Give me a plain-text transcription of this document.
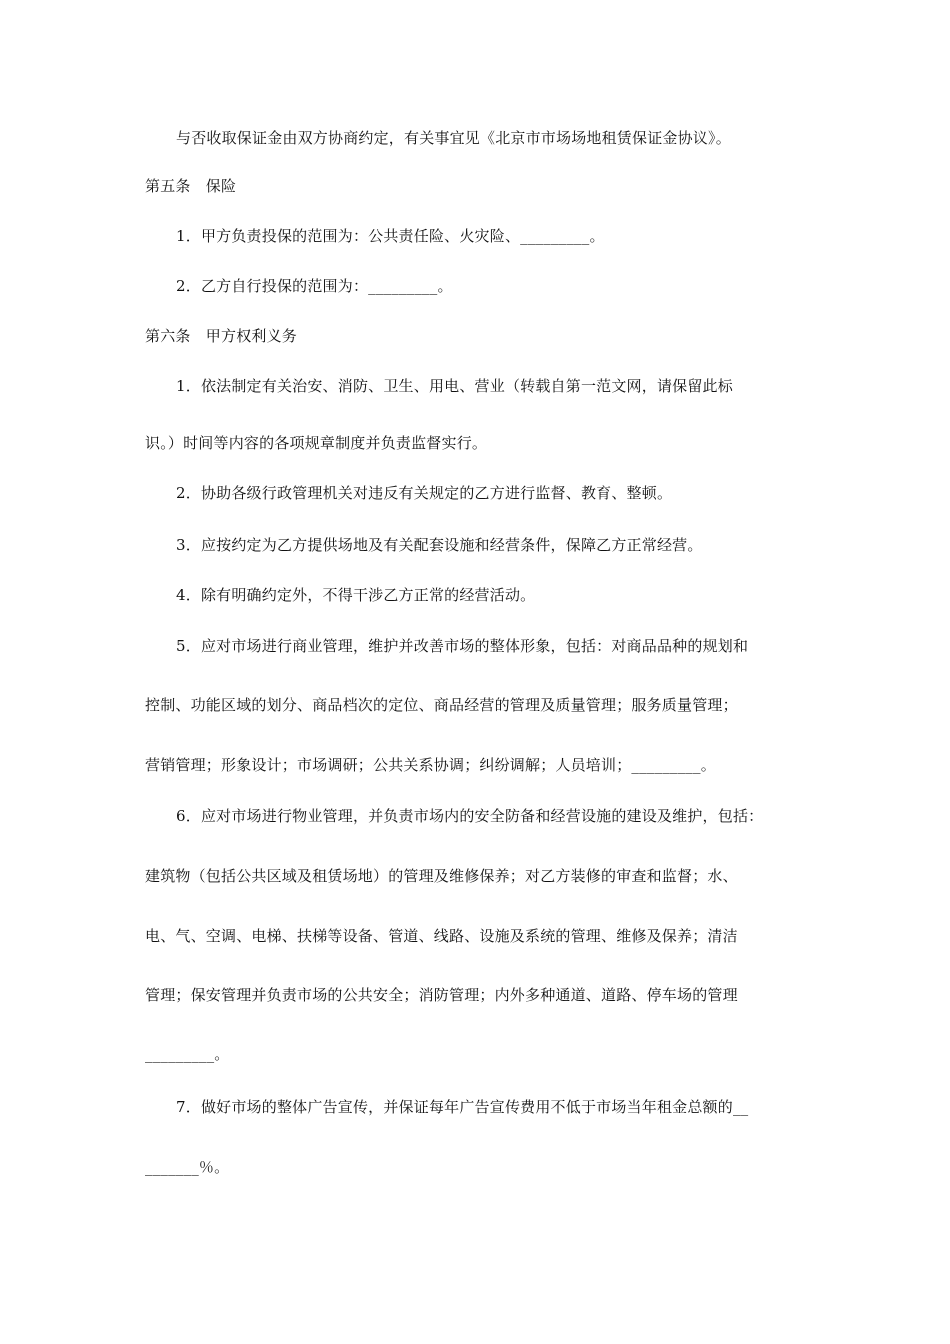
与否收取保证金由双方协商约定，有关事宜见《北京市市场场地租赁保证金协议》。
第五条　保险
1．甲方负责投保的范围为：公共责任险、火灾险、_________。
2．乙方自行投保的范围为：_________。
第六条　甲方权利义务
1．依法制定有关治安、消防、卫生、用电、营业（转载自第一范文网，请保留此标
识。）时间等内容的各项规章制度并负责监督实行。
2．协助各级行政管理机关对违反有关规定的乙方进行监督、教育、整顿。
3．应按约定为乙方提供场地及有关配套设施和经营条件，保障乙方正常经营。
4．除有明确约定外，不得干涉乙方正常的经营活动。
5．应对市场进行商业管理，维护并改善市场的整体形象，包括：对商品品种的规划和
控制、功能区域的划分、商品档次的定位、商品经营的管理及质量管理；服务质量管理；
营销管理；形象设计；市场调研；公共关系协调；纠纷调解；人员培训；_________。
6．应对市场进行物业管理，并负责市场内的安全防备和经营设施的建设及维护，包括：
建筑物（包括公共区域及租赁场地）的管理及维修保养；对乙方装修的审查和监督；水、
电、气、空调、电梯、扶梯等设备、管道、线路、设施及系统的管理、维修及保养；清洁
管理；保安管理并负责市场的公共安全；消防管理；内外多种通道、道路、停车场的管理
_________。
7．做好市场的整体广告宣传，并保证每年广告宣传费用不低于市场当年租金总额的__
_______％。
